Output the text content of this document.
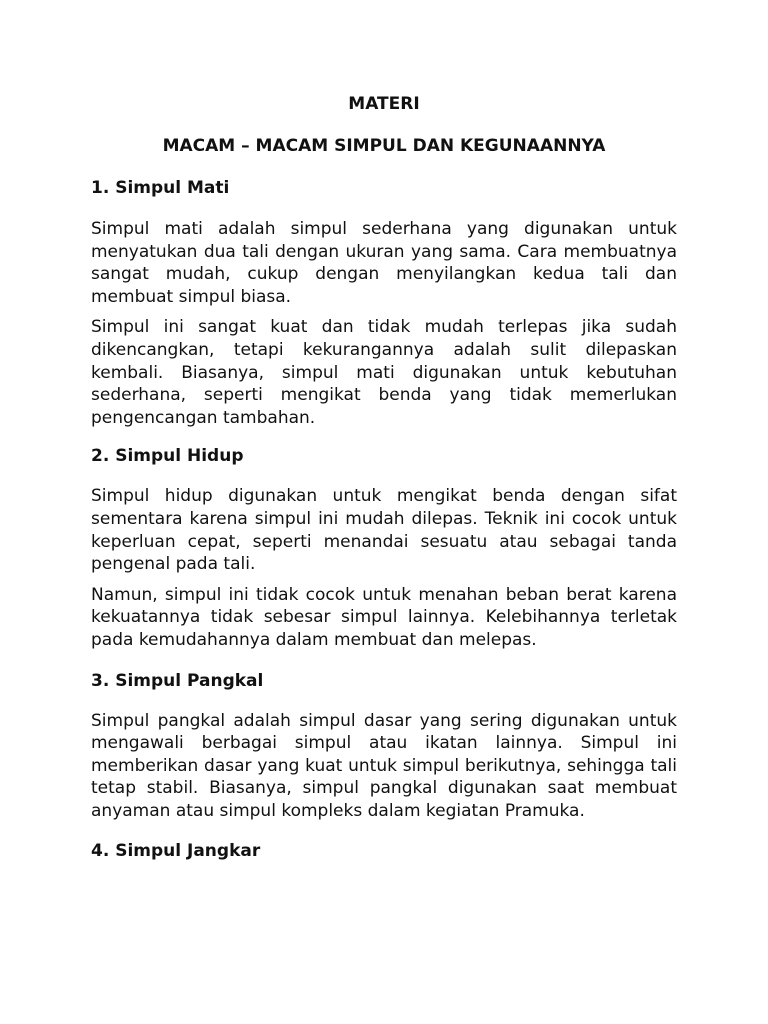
MATERI
MACAM – MACAM SIMPUL DAN KEGUNAANNYA
1. Simpul Mati

Simpul mati adalah simpul sederhana yang digunakan untuk menyatukan dua tali dengan ukuran yang sama. Cara membuatnya sangat mudah, cukup dengan menyilangkan kedua tali dan membuat simpul biasa.

Simpul ini sangat kuat dan tidak mudah terlepas jika sudah dikencangkan, tetapi kekurangannya adalah sulit dilepaskan kembali. Biasanya, simpul mati digunakan untuk kebutuhan sederhana, seperti mengikat benda yang tidak memerlukan pengencangan tambahan.

2. Simpul Hidup

Simpul hidup digunakan untuk mengikat benda dengan sifat sementara karena simpul ini mudah dilepas. Teknik ini cocok untuk keperluan cepat, seperti menandai sesuatu atau sebagai tanda pengenal pada tali.

Namun, simpul ini tidak cocok untuk menahan beban berat karena kekuatannya tidak sebesar simpul lainnya. Kelebihannya terletak pada kemudahannya dalam membuat dan melepas.

3. Simpul Pangkal

Simpul pangkal adalah simpul dasar yang sering digunakan untuk mengawali berbagai simpul atau ikatan lainnya. Simpul ini memberikan dasar yang kuat untuk simpul berikutnya, sehingga tali tetap stabil. Biasanya, simpul pangkal digunakan saat membuat anyaman atau simpul kompleks dalam kegiatan Pramuka.

4. Simpul Jangkar
